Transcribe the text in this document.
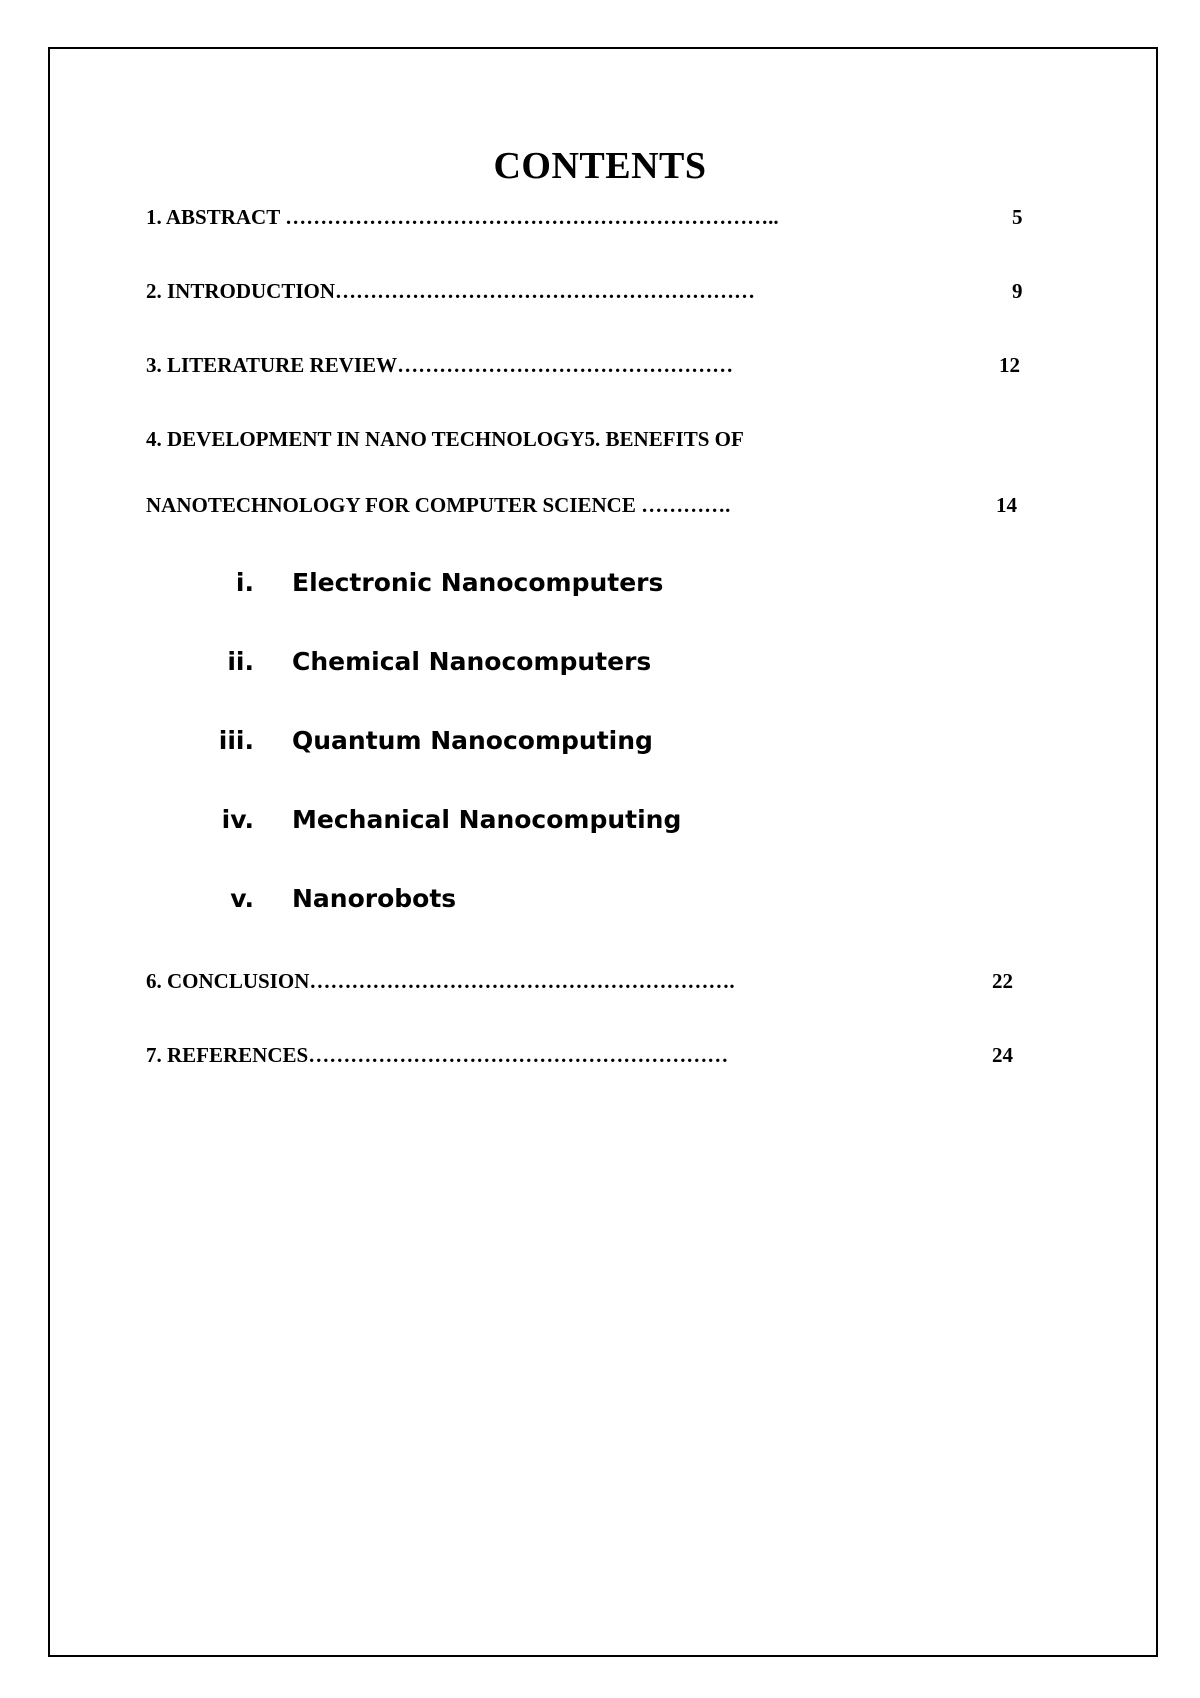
CONTENTS
1. ABSTRACT ……………………………………………………………..	5
2. INTRODUCTION……………………………………………………	9
3. LITERATURE REVIEW…………………………………………	12
4. DEVELOPMENT IN NANO TECHNOLOGY5. BENEFITS OF
NANOTECHNOLOGY FOR COMPUTER SCIENCE ………….	14
i. Electronic Nanocomputers
ii. Chemical Nanocomputers
iii. Quantum Nanocomputing
iv. Mechanical Nanocomputing
v. Nanorobots
6. CONCLUSION…………………………………………………….	22
7. REFERENCES……………………………………………………	24
